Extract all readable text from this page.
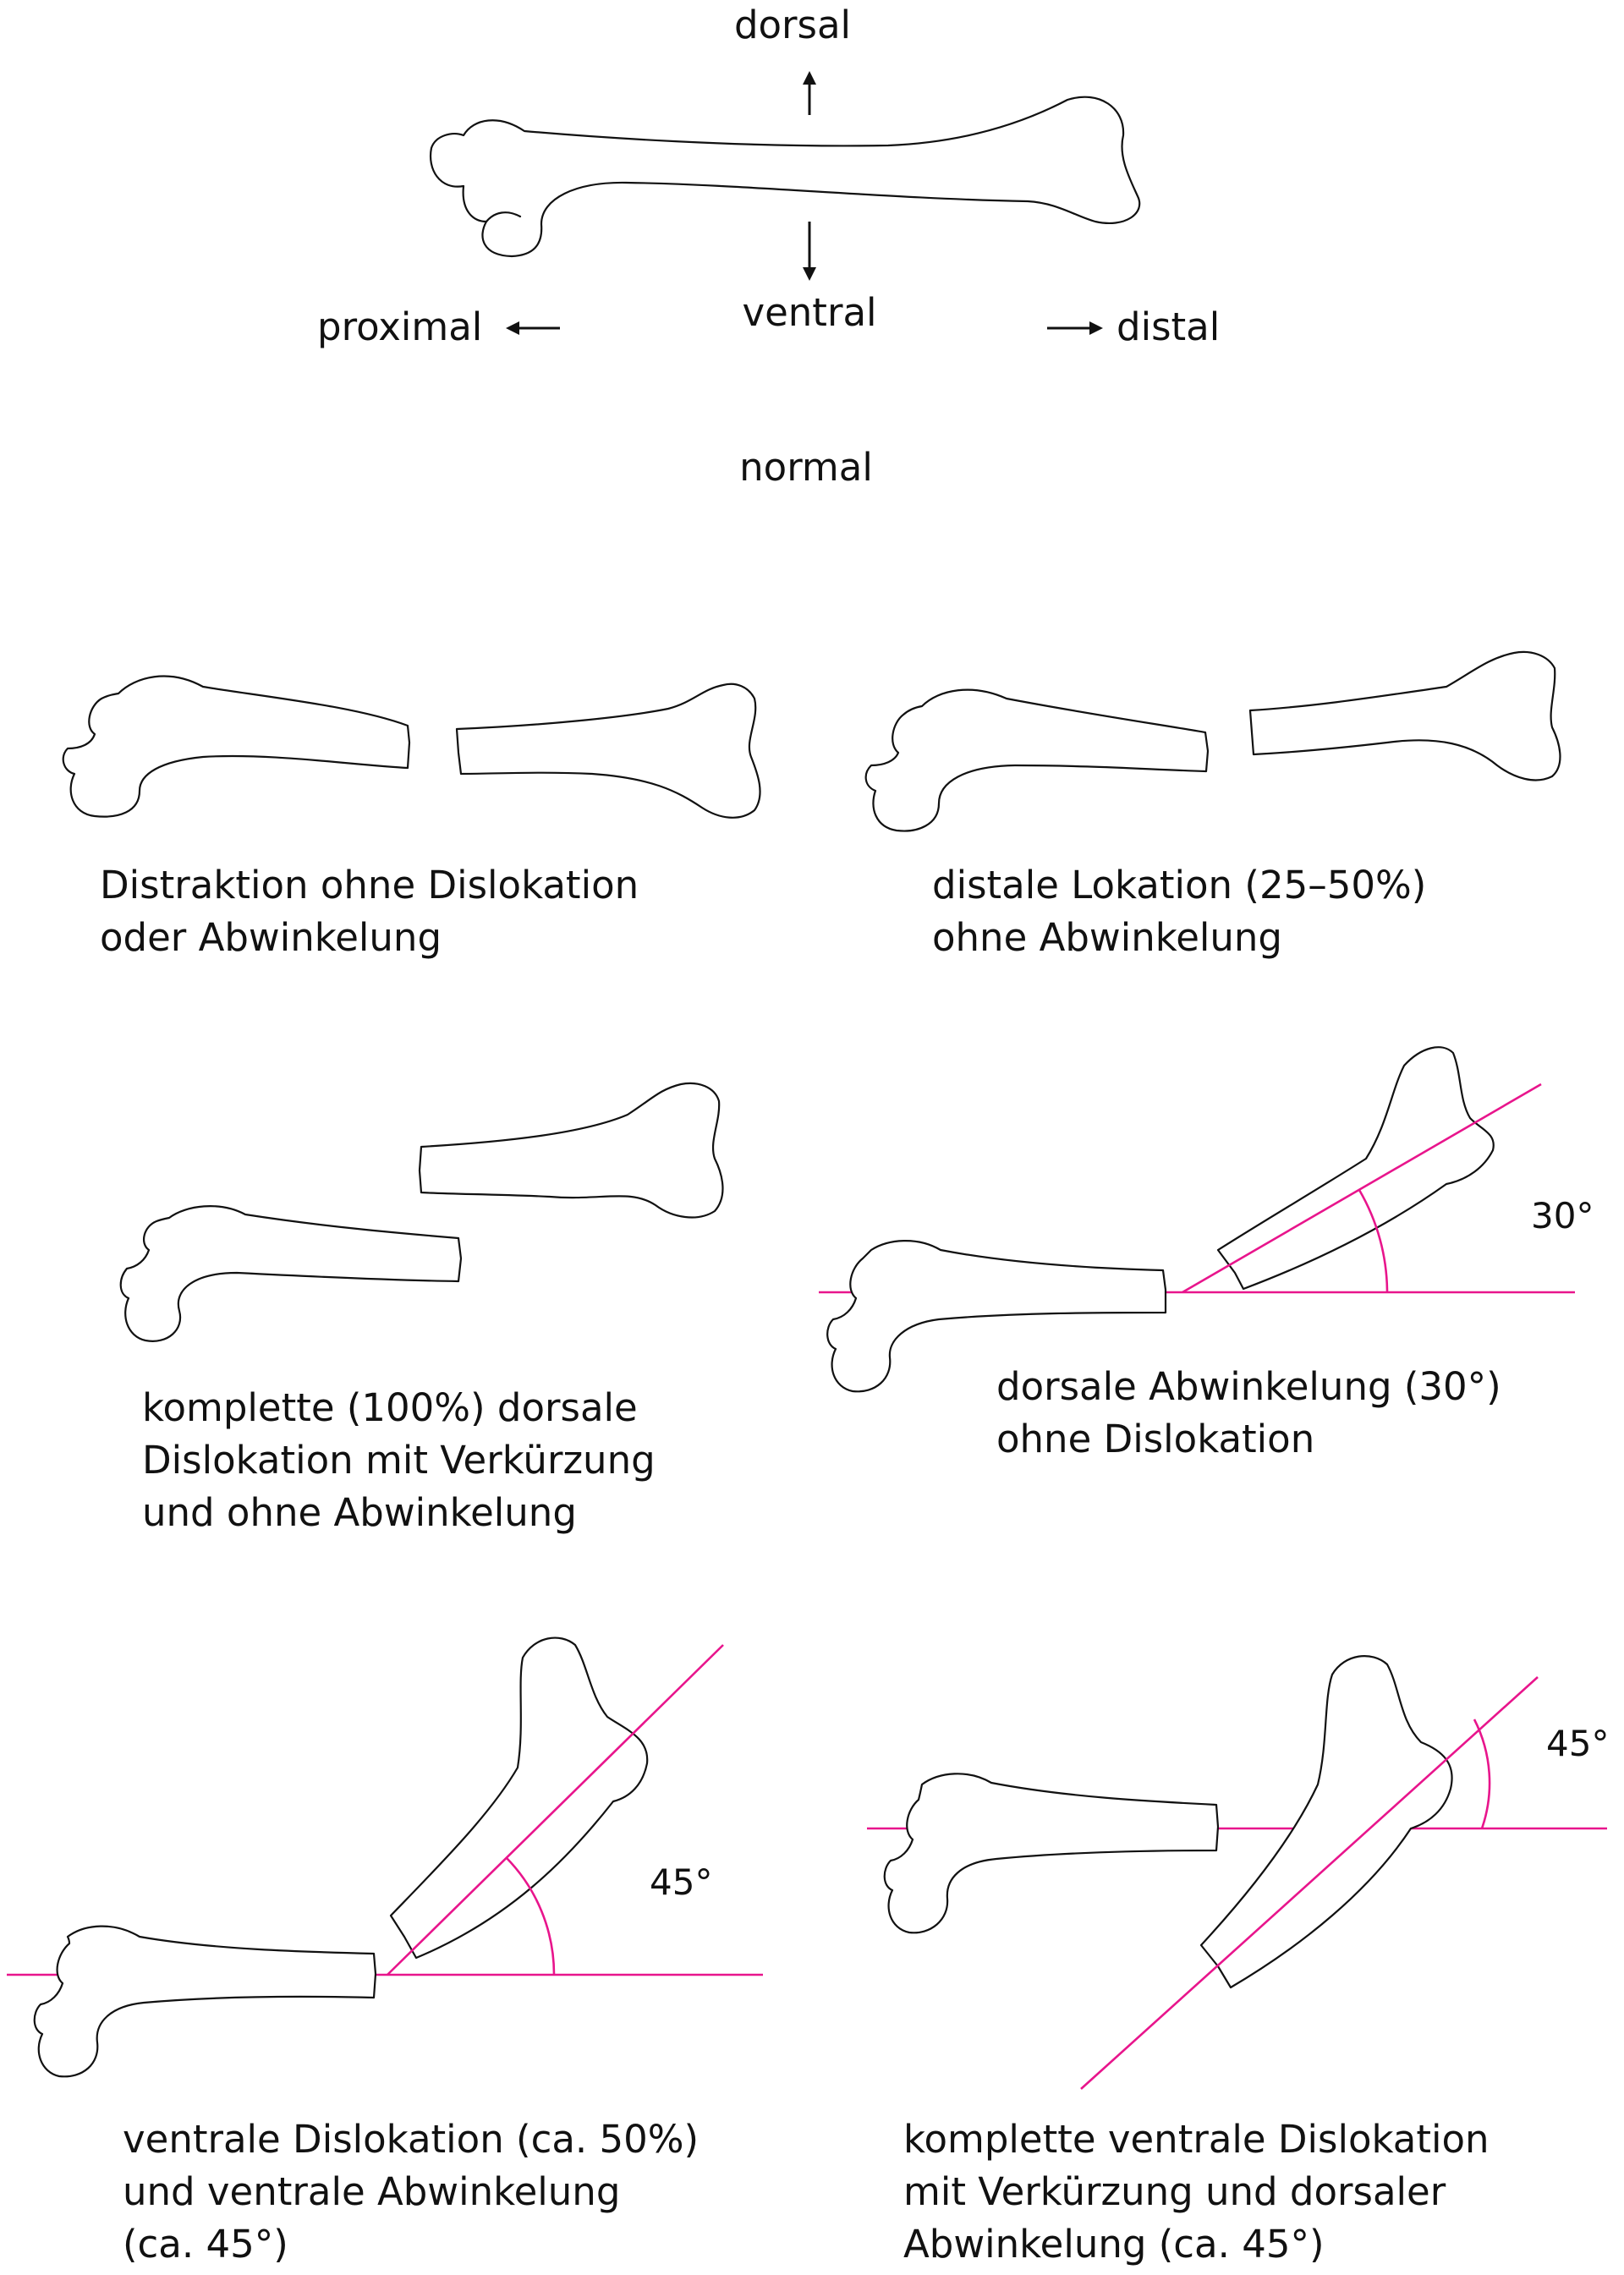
dorsal
ventral
proximal	distal
normal
Distraktion ohne Dislokation
oder Abwinkelung
distale Lokation (25–50%)
ohne Abwinkelung
komplette (100%) dorsale
Dislokation mit Verkürzung
und ohne Abwinkelung
30°
dorsale Abwinkelung (30°)
ohne Dislokation
45°
ventrale Dislokation (ca. 50%)
und ventrale Abwinkelung
(ca. 45°)
45°
komplette ventrale Dislokation
mit Verkürzung und dorsaler
Abwinkelung (ca. 45°)
